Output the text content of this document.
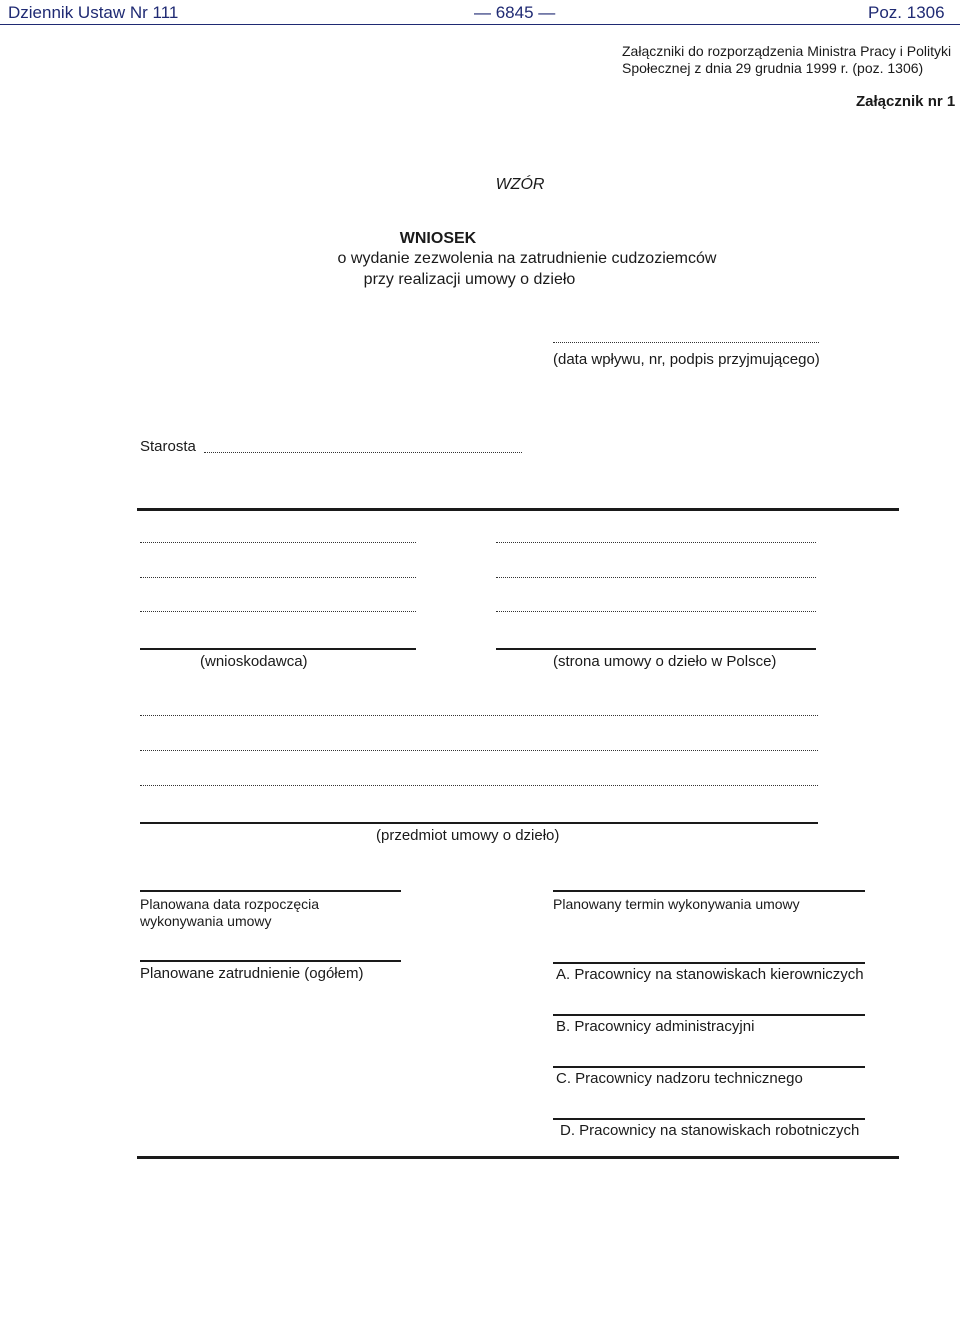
Dziennik Ustaw Nr 111	— 6845 —	Poz. 1306
Załączniki do rozporządzenia Ministra Pracy i Polityki
Społecznej z dnia 29 grudnia 1999 r. (poz. 1306)
Załącznik nr 1
WZÓR
WNIOSEK
o wydanie zezwolenia na zatrudnienie cudzoziemców
przy realizacji umowy o dzieło
(data wpływu, nr, podpis przyjmującego)
Starosta
(wnioskodawca)	(strona umowy o dzieło w Polsce)
(przedmiot umowy o dzieło)
Planowana data rozpoczęcia
wykonywania umowy
Planowany termin wykonywania umowy
Planowane zatrudnienie (ogółem)	A. Pracownicy na stanowiskach kierowniczych
B. Pracownicy administracyjni
C. Pracownicy nadzoru technicznego
D. Pracownicy na stanowiskach robotniczych
